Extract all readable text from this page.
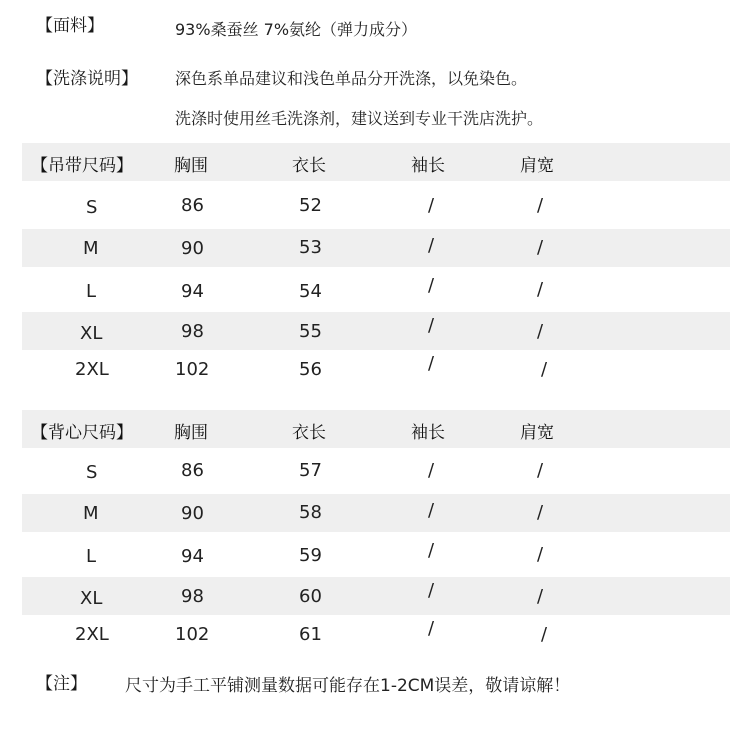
【面料】	93%桑蚕丝 7%氨纶（弹力成分）
【洗涤说明】 深色系单品建议和浅色单品分开洗涤，以免染色。
洗涤时使用丝毛洗涤剂，建议送到专业干洗店洗护。
【吊带尺码】 胸围	衣长	袖长	肩宽
S	86	52	/	/
M	90	53	/	/
L	94	54	/	/
XL	98	55	/	/
2XL	102	56	/	/
【背心尺码】 胸围	衣长	袖长	肩宽
S	86	57	/	/
M	90	58	/	/
L	94	59	/	/
XL	98	60	/	/
2XL	102	61	/	/
【注】 尺寸为手工平铺测量数据可能存在1-2CM误差，敬请谅解！
